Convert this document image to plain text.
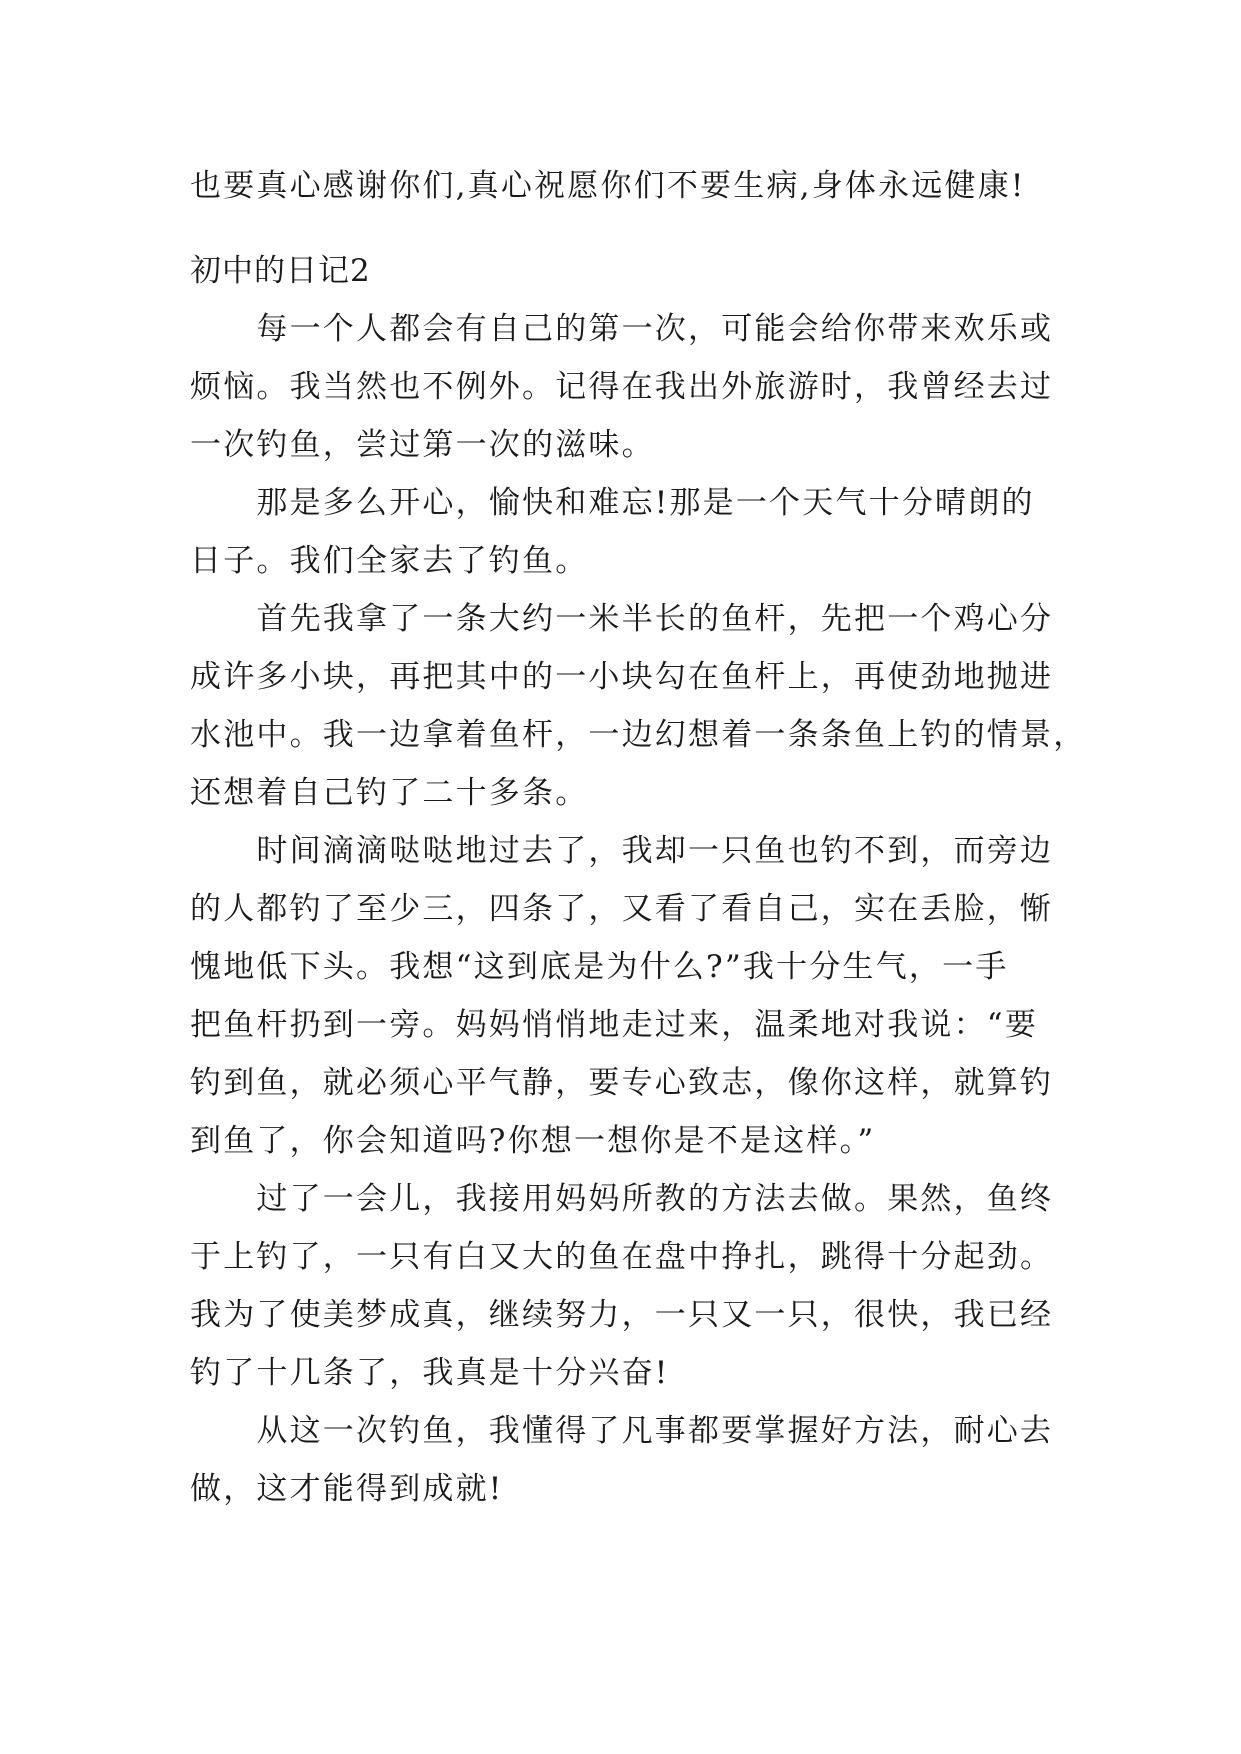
也要真心感谢你们,真心祝愿你们不要生病,身体永远健康!
初中的日记2
　　每一个人都会有自己的第一次，可能会给你带来欢乐或
烦恼。我当然也不例外。记得在我出外旅游时，我曾经去过
一次钓鱼，尝过第一次的滋味。
　　那是多么开心，愉快和难忘!那是一个天气十分晴朗的
日子。我们全家去了钓鱼。
　　首先我拿了一条大约一米半长的鱼杆，先把一个鸡心分
成许多小块，再把其中的一小块勾在鱼杆上，再使劲地抛进
水池中。我一边拿着鱼杆，一边幻想着一条条鱼上钓的情景，
还想着自己钓了二十多条。
　　时间滴滴哒哒地过去了，我却一只鱼也钓不到，而旁边
的人都钓了至少三，四条了，又看了看自己，实在丢脸，惭
愧地低下头。我想“这到底是为什么?”我十分生气，一手
把鱼杆扔到一旁。妈妈悄悄地走过来，温柔地对我说：“要
钓到鱼，就必须心平气静，要专心致志，像你这样，就算钓
到鱼了，你会知道吗?你想一想你是不是这样。”
　　过了一会儿，我接用妈妈所教的方法去做。果然，鱼终
于上钓了，一只有白又大的鱼在盘中挣扎，跳得十分起劲。
我为了使美梦成真，继续努力，一只又一只，很快，我已经
钓了十几条了，我真是十分兴奋!
　　从这一次钓鱼，我懂得了凡事都要掌握好方法，耐心去
做，这才能得到成就!
